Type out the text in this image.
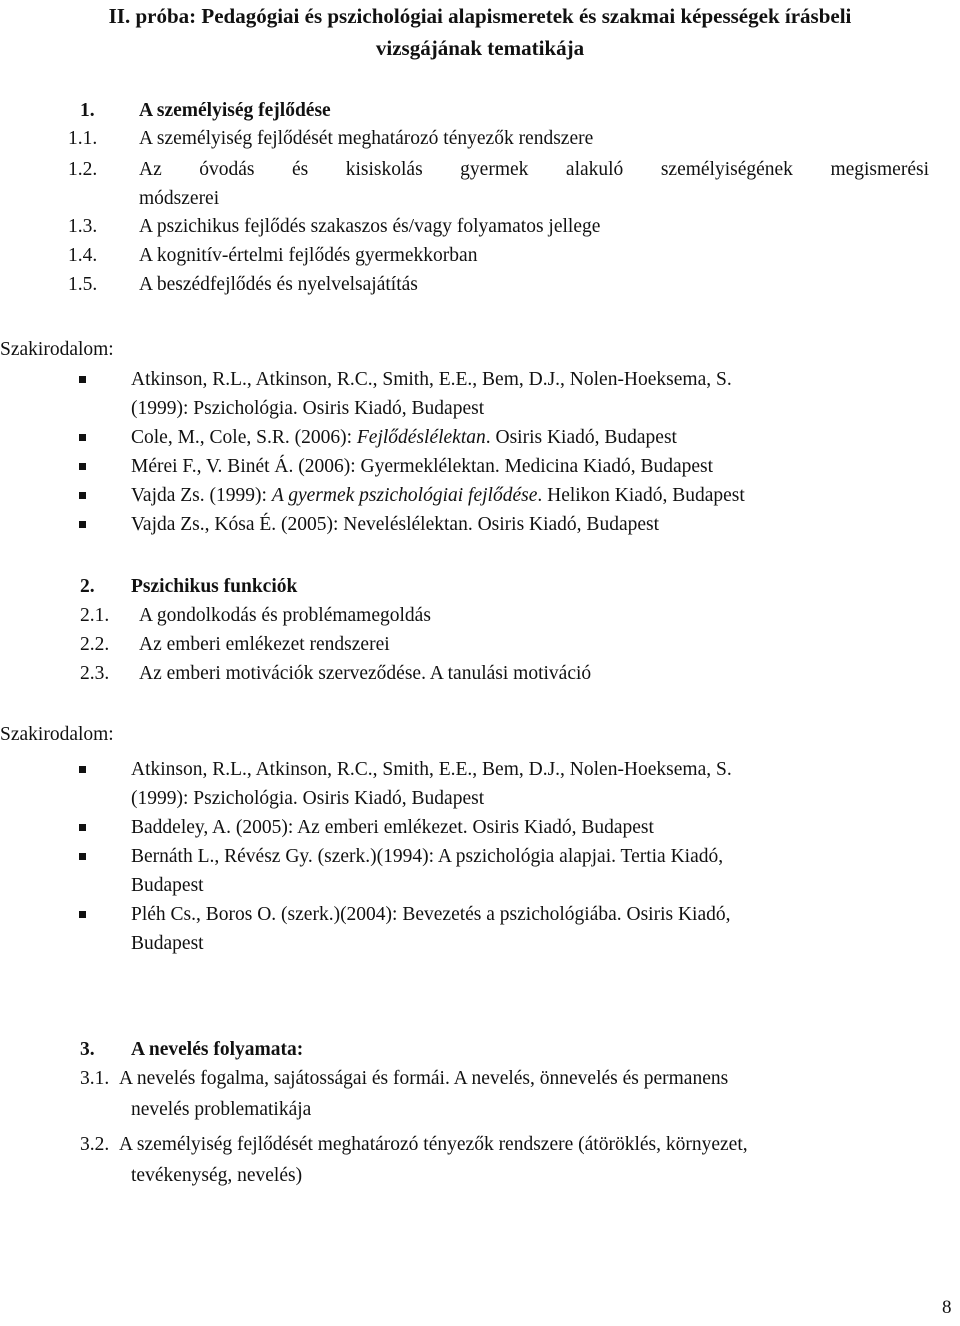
II. próba: Pedagógiai és pszichológiai alapismeretek és szakmai képességek írásbeli
vizsgájának tematikája
1. A személyiség fejlődése
1.1. A személyiség fejlődését meghatározó tényezők rendszere
1.2. Az óvodás és kisiskolás gyermek alakuló személyiségének megismerési
módszerei
1.3. A pszichikus fejlődés szakaszos és/vagy folyamatos jellege
1.4. A kognitív-értelmi fejlődés gyermekkorban
1.5. A beszédfejlődés és nyelvelsajátítás
Szakirodalom:
Atkinson, R.L., Atkinson, R.C., Smith, E.E., Bem, D.J., Nolen-Hoeksema, S.
(1999): Pszichológia. Osiris Kiadó, Budapest
Cole, M., Cole, S.R. (2006): Fejlődéslélektan. Osiris Kiadó, Budapest
Mérei F., V. Binét Á. (2006): Gyermeklélektan. Medicina Kiadó, Budapest
Vajda Zs. (1999): A gyermek pszichológiai fejlődése. Helikon Kiadó, Budapest
Vajda Zs., Kósa É. (2005): Neveléslélektan. Osiris Kiadó, Budapest
2. Pszichikus funkciók
2.1. A gondolkodás és problémamegoldás
2.2. Az emberi emlékezet rendszerei
2.3. Az emberi motivációk szerveződése. A tanulási motiváció
Szakirodalom:
Atkinson, R.L., Atkinson, R.C., Smith, E.E., Bem, D.J., Nolen-Hoeksema, S.
(1999): Pszichológia. Osiris Kiadó, Budapest
Baddeley, A. (2005): Az emberi emlékezet. Osiris Kiadó, Budapest
Bernáth L., Révész Gy. (szerk.)(1994): A pszichológia alapjai. Tertia Kiadó,
Budapest
Pléh Cs., Boros O. (szerk.)(2004): Bevezetés a pszichológiába. Osiris Kiadó,
Budapest
3. A nevelés folyamata:
3.1. A nevelés fogalma, sajátosságai és formái. A nevelés, önnevelés és permanens
nevelés problematikája
3.2. A személyiség fejlődését meghatározó tényezők rendszere (átöröklés, környezet,
tevékenység, nevelés)
8
